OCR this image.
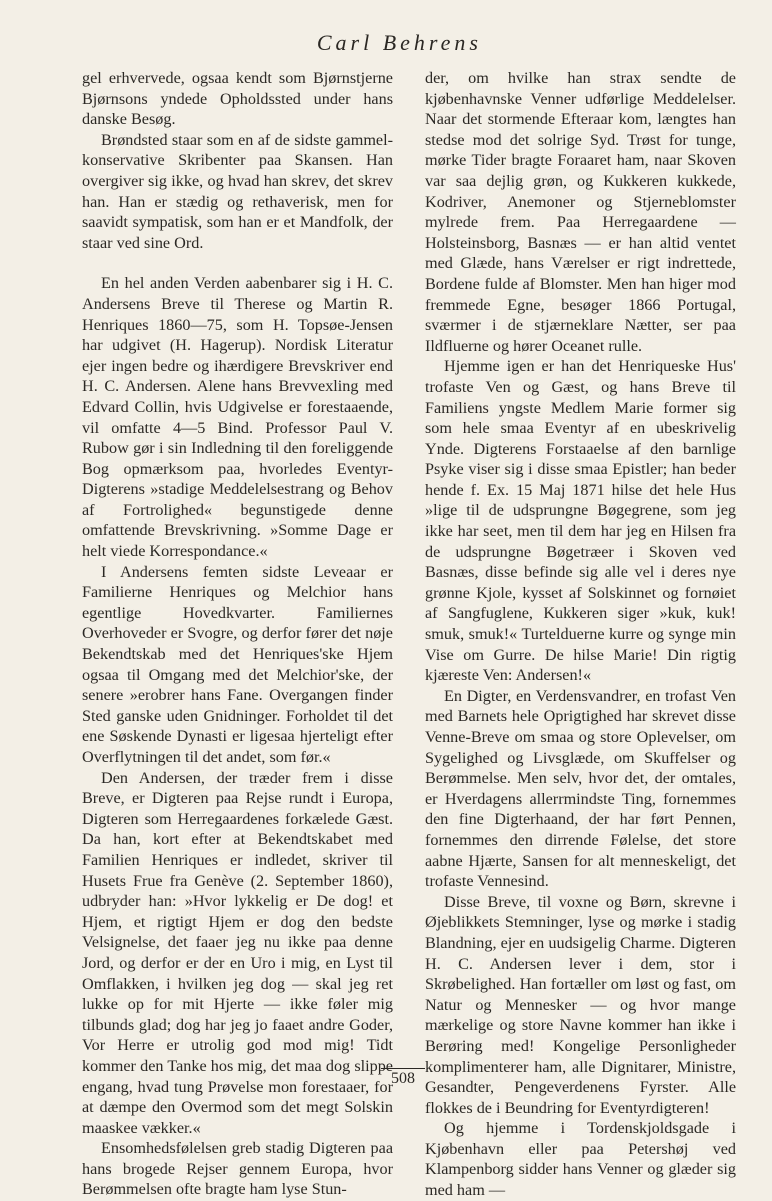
Carl Behrens

gel erhvervede, ogsaa kendt som Bjørnstjerne Bjørnsons yndede Opholdssted under hans danske Besøg.

Brøndsted staar som en af de sidste gammel-konservative Skribenter paa Skansen. Han overgiver sig ikke, og hvad han skrev, det skrev han. Han er stædig og rethaverisk, men for saavidt sympatisk, som han er et Mandfolk, der staar ved sine Ord.

En hel anden Verden aabenbarer sig i H. C. Andersens Breve til Therese og Martin R. Henriques 1860—75, som H. Topsøe-Jensen har udgivet (H. Hagerup). Nordisk Literatur ejer ingen bedre og ihærdigere Brevskriver end H. C. Andersen. Alene hans Brevvexling med Edvard Collin, hvis Udgivelse er forestaaende, vil omfatte 4—5 Bind. Professor Paul V. Rubow gør i sin Indledning til den foreliggende Bog opmærksom paa, hvorledes Eventyr-Digterens »stadige Meddelelsestrang og Behov af Fortrolighed« begunstigede denne omfattende Brevskrivning. »Somme Dage er helt viede Korrespondance.«

I Andersens femten sidste Leveaar er Familierne Henriques og Melchior hans egentlige Hovedkvarter. Familiernes Overhoveder er Svogre, og derfor fører det nøje Bekendtskab med det Henriques'ske Hjem ogsaa til Omgang med det Melchior'ske, der senere »erobrer hans Fane. Overgangen finder Sted ganske uden Gnidninger. Forholdet til det ene Søskende Dynasti er ligesaa hjerteligt efter Overflytningen til det andet, som før.«

Den Andersen, der træder frem i disse Breve, er Digteren paa Rejse rundt i Europa, Digteren som Herregaardenes forkælede Gæst. Da han, kort efter at Bekendtskabet med Familien Henriques er indledet, skriver til Husets Frue fra Genève (2. September 1860), udbryder han: »Hvor lykkelig er De dog! et Hjem, et rigtigt Hjem er dog den bedste Velsignelse, det faaer jeg nu ikke paa denne Jord, og derfor er der en Uro i mig, en Lyst til Omflakken, i hvilken jeg dog — skal jeg ret lukke op for mit Hjerte — ikke føler mig tilbunds glad; dog har jeg jo faaet andre Goder, Vor Herre er utrolig god mod mig! Tidt kommer den Tanke hos mig, det maa dog slippe engang, hvad tung Prøvelse mon forestaaer, for at dæmpe den Overmod som det megt Solskin maaskee vækker.«

Ensomhedsfølelsen greb stadig Digteren paa hans brogede Rejser gennem Europa, hvor Berømmelsen ofte bragte ham lyse Stun-

der, om hvilke han strax sendte de kjøbenhavnske Venner udførlige Meddelelser. Naar det stormende Efteraar kom, længtes han stedse mod det solrige Syd. Trøst for tunge, mørke Tider bragte Foraaret ham, naar Skoven var saa dejlig grøn, og Kukkeren kukkede, Kodriver, Anemoner og Stjerneblomster mylrede frem. Paa Herregaardene — Holsteinsborg, Basnæs — er han altid ventet med Glæde, hans Værelser er rigt indrettede, Bordene fulde af Blomster. Men han higer mod fremmede Egne, besøger 1866 Portugal, sværmer i de stjærneklare Nætter, ser paa Ildfluerne og hører Oceanet rulle.

Hjemme igen er han det Henriqueske Hus' trofaste Ven og Gæst, og hans Breve til Familiens yngste Medlem Marie former sig som hele smaa Eventyr af en ubeskrivelig Ynde. Digterens Forstaaelse af den barnlige Psyke viser sig i disse smaa Epistler; han beder hende f. Ex. 15 Maj 1871 hilse det hele Hus »lige til de udsprungne Bøgegrene, som jeg ikke har seet, men til dem har jeg en Hilsen fra de udsprungne Bøgetræer i Skoven ved Basnæs, disse befinde sig alle vel i deres nye grønne Kjole, kysset af Solskinnet og fornøiet af Sangfuglene, Kukkeren siger »kuk, kuk! smuk, smuk!« Turtelduerne kurre og synge min Vise om Gurre. De hilse Marie! Din rigtig kjæreste Ven: Andersen!«

En Digter, en Verdensvandrer, en trofast Ven med Barnets hele Oprigtighed har skrevet disse Venne-Breve om smaa og store Oplevelser, om Sygelighed og Livsglæde, om Skuffelser og Berømmelse. Men selv, hvor det, der omtales, er Hverdagens allerrmindste Ting, fornemmes den fine Digterhaand, der har ført Pennen, fornemmes den dirrende Følelse, det store aabne Hjærte, Sansen for alt menneskeligt, det trofaste Vennesind.

Disse Breve, til voxne og Børn, skrevne i Øjeblikkets Stemninger, lyse og mørke i stadig Blandning, ejer en uudsigelig Charme. Digteren H. C. Andersen lever i dem, stor i Skrøbelighed. Han fortæller om løst og fast, om Natur og Mennesker — og hvor mange mærkelige og store Navne kommer han ikke i Berøring med! Kongelige Personligheder komplimenterer ham, alle Dignitarer, Ministre, Gesandter, Pengeverdenens Fyrster. Alle flokkes de i Beundring for Eventyrdigteren!

Og hjemme i Tordenskjoldsgade i Kjøbenhavn eller paa Petershøj ved Klampenborg sidder hans Venner og glæder sig med ham —

508
